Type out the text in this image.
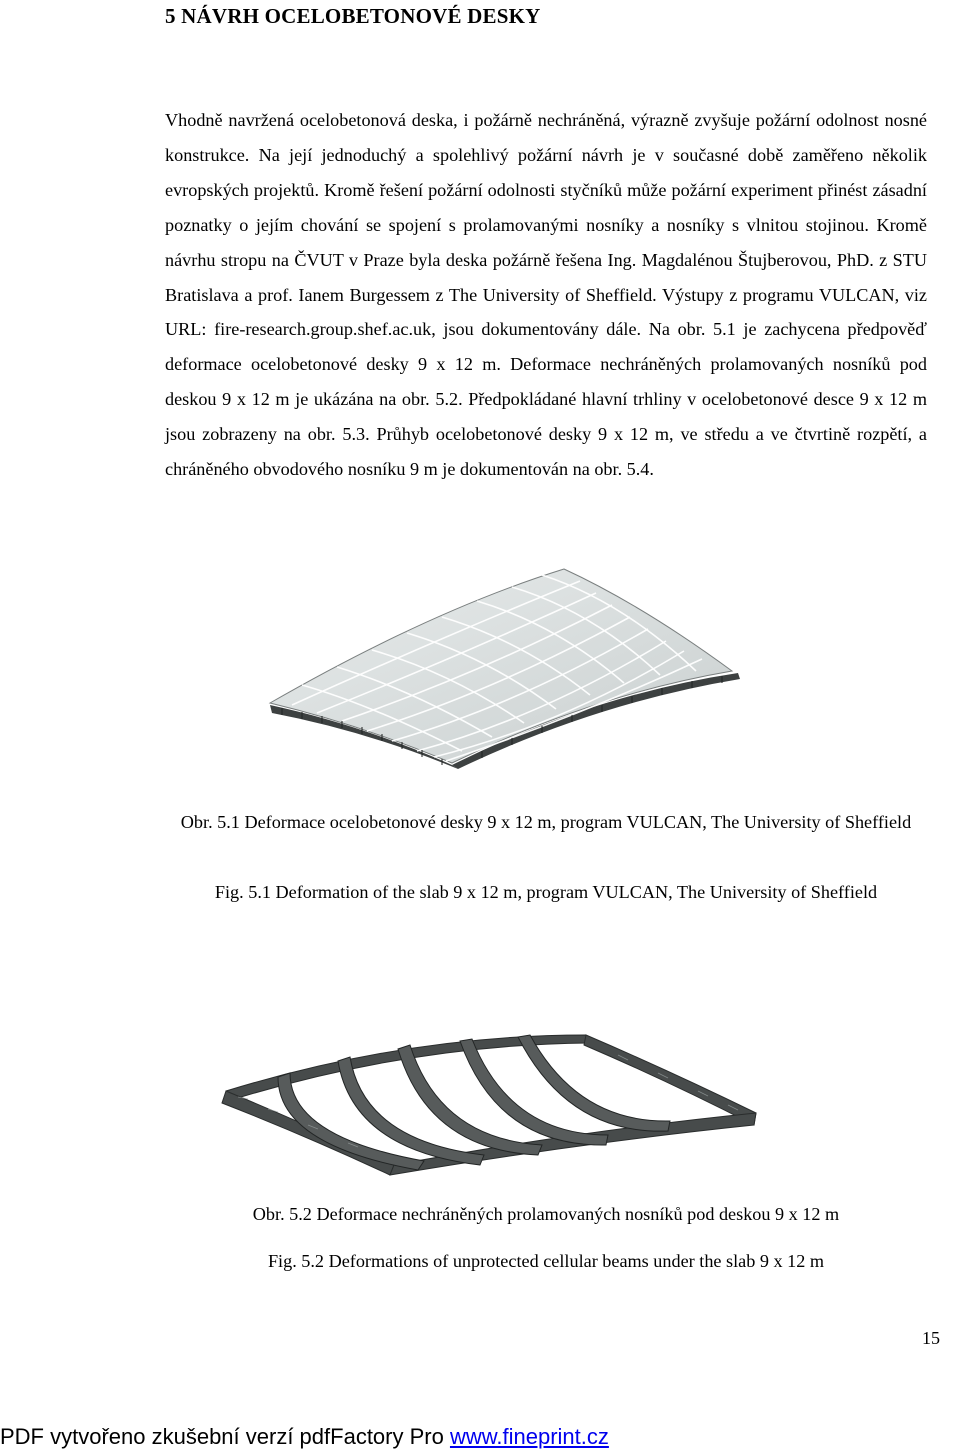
5 NÁVRH OCELOBETONOVÉ DESKY
Vhodně navržená ocelobetonová deska, i požárně nechráněná, výrazně zvyšuje požární odolnost nosné konstrukce. Na její jednoduchý a spolehlivý požární návrh je v současné době zaměřeno několik evropských projektů. Kromě řešení požární odolnosti styčníků může požární experiment přinést zásadní poznatky o jejím chování se spojení s prolamovanými nosníky a nosníky s vlnitou stojinou. Kromě návrhu stropu na ČVUT v Praze byla deska požárně řešena Ing. Magdalénou Štujberovou, PhD. z STU Bratislava a prof. Ianem Burgessem z The University of Sheffield. Výstupy z programu VULCAN, viz URL: fire-research.group.shef.ac.uk, jsou dokumentovány dále. Na obr. 5.1 je zachycena předpověď deformace ocelobetonové desky 9 x 12 m. Deformace nechráněných prolamovaných nosníků pod deskou 9 x 12 m je ukázána na obr. 5.2. Předpokládané hlavní trhliny v ocelobetonové desce 9 x 12 m jsou zobrazeny na obr. 5.3. Průhyb ocelobetonové desky 9 x 12 m, ve středu a ve čtvrtině rozpětí, a chráněného obvodového nosníku 9 m je dokumentován na obr. 5.4.
Obr. 5.1 Deformace ocelobetonové desky 9 x 12 m, program VULCAN, The University of Sheffield
Fig. 5.1 Deformation of the slab 9 x 12 m, program VULCAN, The University of Sheffield
Obr. 5.2 Deformace nechráněných prolamovaných nosníků pod deskou 9 x 12 m
Fig. 5.2 Deformations of unprotected cellular beams under the slab 9 x 12 m
15
PDF vytvořeno zkušební verzí pdfFactory Pro www.fineprint.cz
